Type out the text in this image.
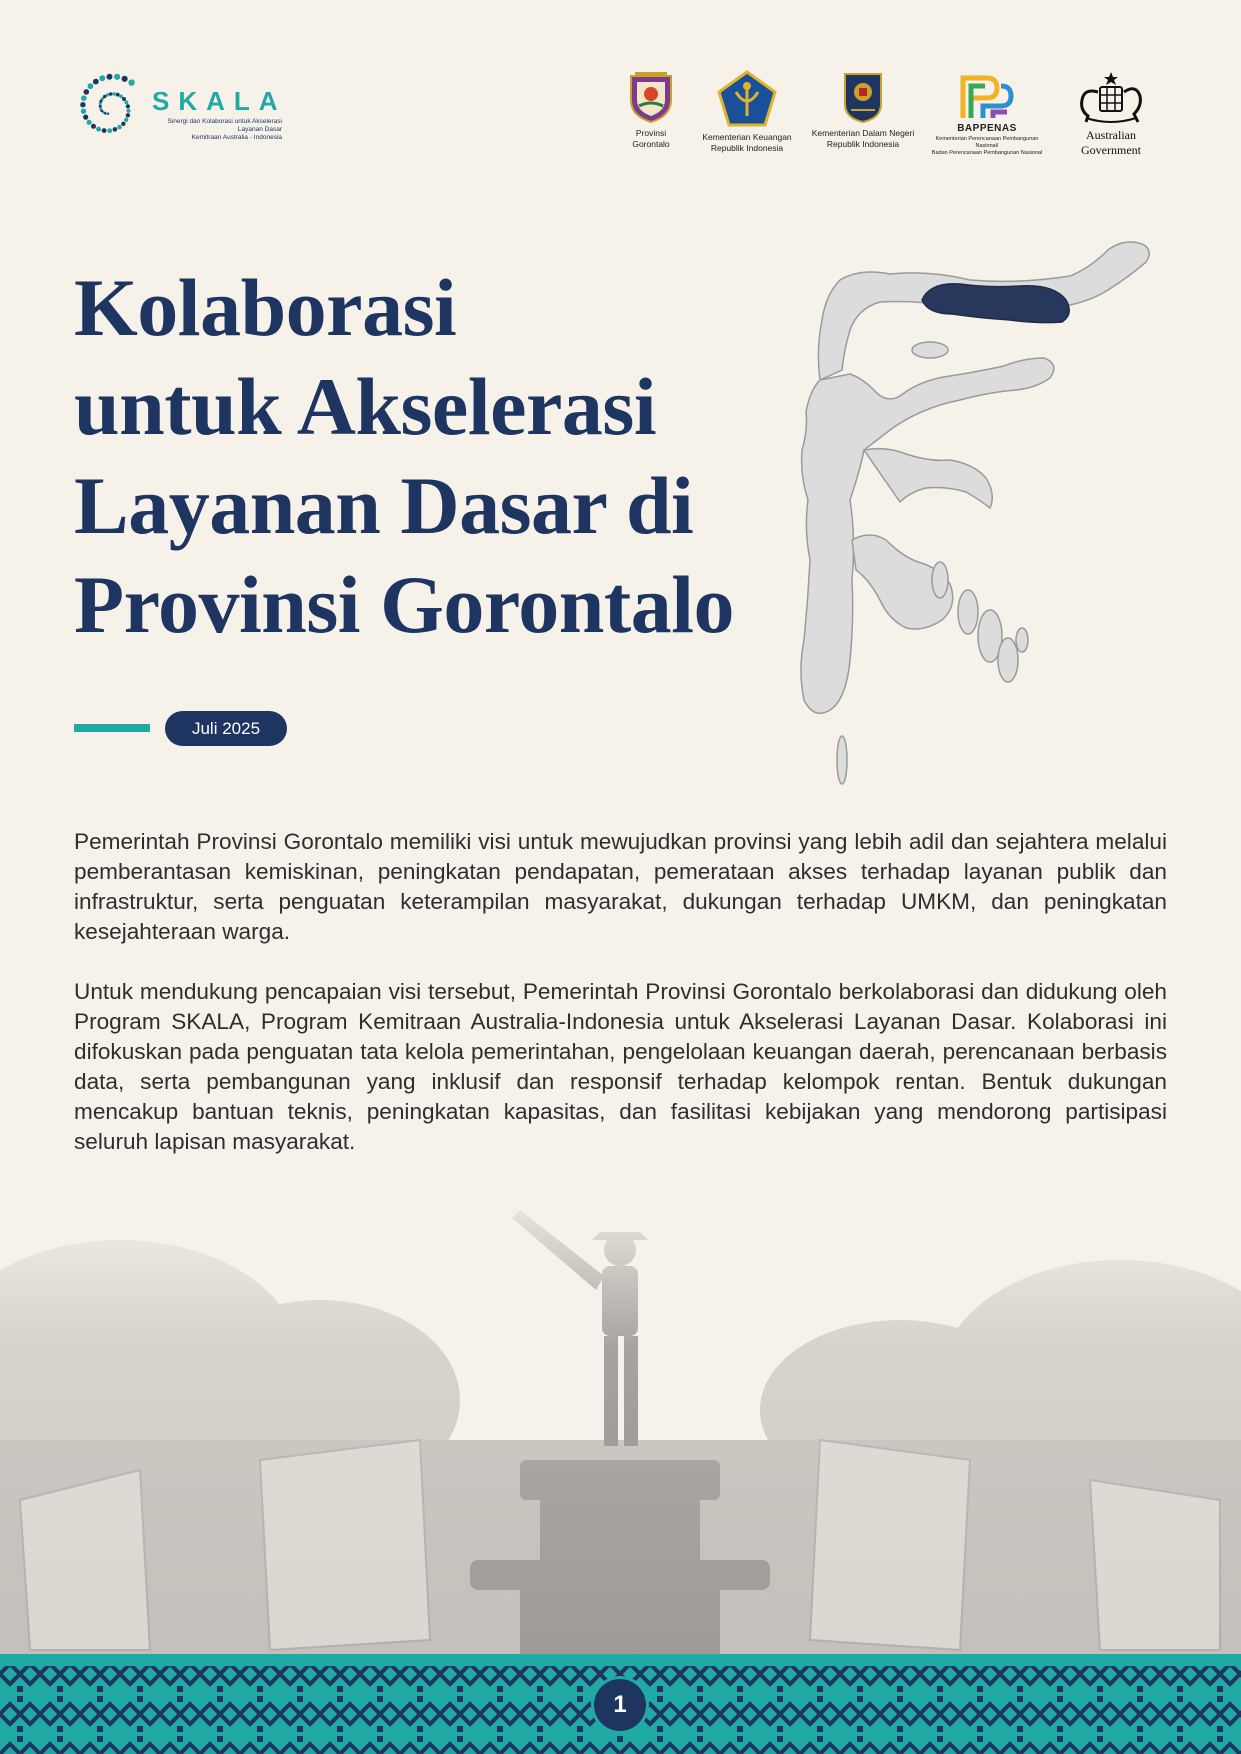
SKALA
Sinergi dan Kolaborasi untuk Akselerasi Layanan Dasar
Kemitraan Australia - Indonesia	Provinsi
Gorontalo
Kementerian Keuangan
Republik Indonesia
Kementerian Dalam Negeri
Republik Indonesia
BAPPENAS
Kementerian Perencanaan Pembangunan Nasional/
Badan Perencanaan Pembangunan Nasional
Australian Government
Kolaborasi
untuk Akselerasi
Layanan Dasar di
Provinsi Gorontalo
Juli 2025

Pemerintah Provinsi Gorontalo memiliki visi untuk mewujudkan provinsi yang lebih adil dan sejahtera melalui pemberantasan kemiskinan, peningkatan pendapatan, pemerataan akses terhadap layanan publik dan infrastruktur, serta penguatan keterampilan masyarakat, dukungan terhadap UMKM, dan peningkatan kesejahteraan warga.

Untuk mendukung pencapaian visi tersebut, Pemerintah Provinsi Gorontalo berkolaborasi dan didukung oleh Program SKALA, Program Kemitraan Australia-Indonesia untuk Akselerasi Layanan Dasar. Kolaborasi ini difokuskan pada penguatan tata kelola pemerintahan, pengelolaan keuangan daerah, perencanaan berbasis data, serta pembangunan yang inklusif dan responsif terhadap kelompok rentan. Bentuk dukungan mencakup bantuan teknis, peningkatan kapasitas, dan fasilitasi kebijakan yang mendorong partisipasi seluruh lapisan masyarakat.

1
